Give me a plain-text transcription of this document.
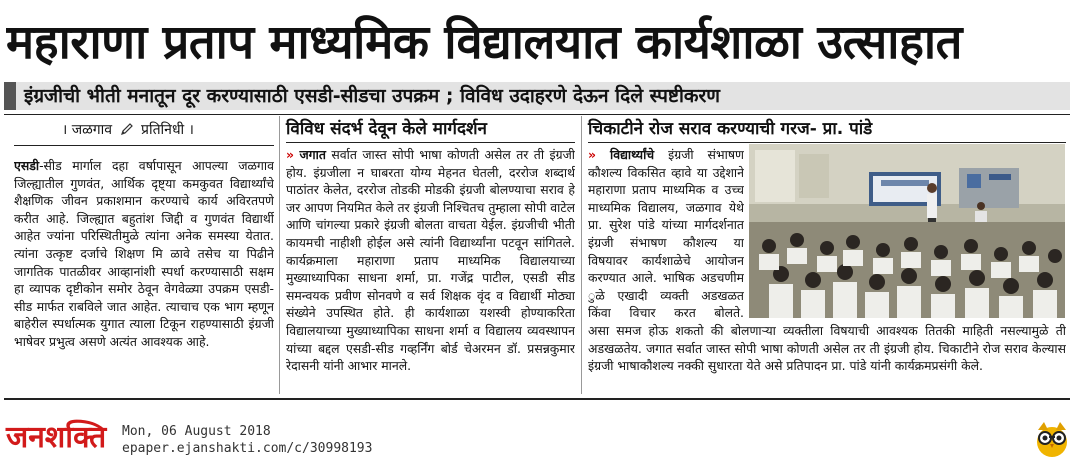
महाराणा प्रताप माध्यमिक विद्यालयात कार्यशाळा उत्साहात
इंग्रजीची भीती मनातून दूर करण्यासाठी एसडी-सीडचा उपक्रम ; विविध उदाहरणे देऊन दिले स्पष्टीकरण
। जळगाव प्रतिनिधी ।
एसडी-सीड मार्गाल दहा वर्षापासून आपल्या जळगाव जिल्ह्यातील गुणवंत, आर्थिक दृष्ट्या कमकुवत विद्यार्थ्यांचे शैक्षणिक जीवन प्रकाशमान करण्याचे कार्य अविरतपणे करीत आहे. जिल्ह्यात बहुतांश जिद्दी व गुणवंत विद्यार्थी आहेत ज्यांना परिस्थितीमुळे त्यांना अनेक समस्या येतात. त्यांना उत्कृष्ट दर्जाचे शिक्षण मि ळावे तसेच या पिढीने जागतिक पातळीवर आव्हानांशी स्पर्धा करण्यासाठी सक्षम हा व्यापक दृष्टीकोन समोर ठेवून वेगवेळ्या उपक्रम एसडी-सीड मार्फत राबविले जात आहेत. त्याचाच एक भाग म्हणून बाहेरील स्पर्धात्मक युगात त्याला टिकून राहण्यासाठी इंग्रजी भाषेवर प्रभुत्व असणे अत्यंत आवश्यक आहे.
विविध संदर्भ देवून केले मार्गदर्शन
» जगात सर्वात जास्त सोपी भाषा कोणती असेल तर ती इंग्रजी होय. इंग्रजीला न घाबरता योग्य मेहनत घेतली, दररोज शब्दार्थ पाठांतर केलेत, दररोज तोडकी मोडकी इंग्रजी बोलण्याचा सराव हे जर आपण नियमित केले तर इंग्रजी निश्चितच तुम्हाला सोपी वाटेल आणि चांगल्या प्रकारे इंग्रजी बोलता वाचता येईल. इंग्रजीची भीती कायमची नाहीशी होईल असे त्यांनी विद्यार्थ्यांना पटवून सांगितले. कार्यक्रमाला महाराणा प्रताप माध्यमिक विद्यालयाच्या मुख्याध्यापिका साधना शर्मा, प्रा. गजेंद्र पाटील, एसडी सीड समन्वयक प्रवीण सोनवणे व सर्व शिक्षक वृंद व विद्यार्थी मोठ्या संख्येने उपस्थित होते. ही कार्यशाळा यशस्वी होण्याकरिता विद्यालयाच्या मुख्याध्यापिका साधना शर्मा व विद्यालय व्यवस्थापन यांच्या बद्दल एसडी-सीड गव्हर्निंग बोर्ड चेअरमन डॉ. प्रसन्नकुमार रेदासनी यांनी आभार मानले.
चिकाटीने रोज सराव करण्याची गरज- प्रा. पांडे
» विद्यार्थ्यांचे इंग्रजी संभाषण कौशल्य विकसित व्हावे या उद्देशाने महाराणा प्रताप माध्यमिक व उच्च माध्यमिक विद्यालय, जळगाव येथे प्रा. सुरेश पांडे यांच्या मार्गदर्शनात इंग्रजी संभाषण कौशल्य या विषयावर कार्यशाळेचे आयोजन करण्यात आले. भाषिक अडचणीम ुळे एखादी व्यक्ती अडखळत किंवा विचार करत बोलते.
असा समज होऊ शकतो की बोलणाऱ्या व्यक्तीला विषयाची आवश्यक तितकी माहिती नसल्यामुळे ती अडखळतेय. जगात सर्वात जास्त सोपी भाषा कोणती असेल तर ती इंग्रजी होय. चिकाटीने रोज सराव केल्यास इंग्रजी भाषाकौशल्य नक्की सुधारता येते असे प्रतिपादन प्रा. पांडे यांनी कार्यक्रमप्रसंगी केले.
जनशक्ति Mon, 06 August 2018
epaper.ejanshakti.com/c/30998193
